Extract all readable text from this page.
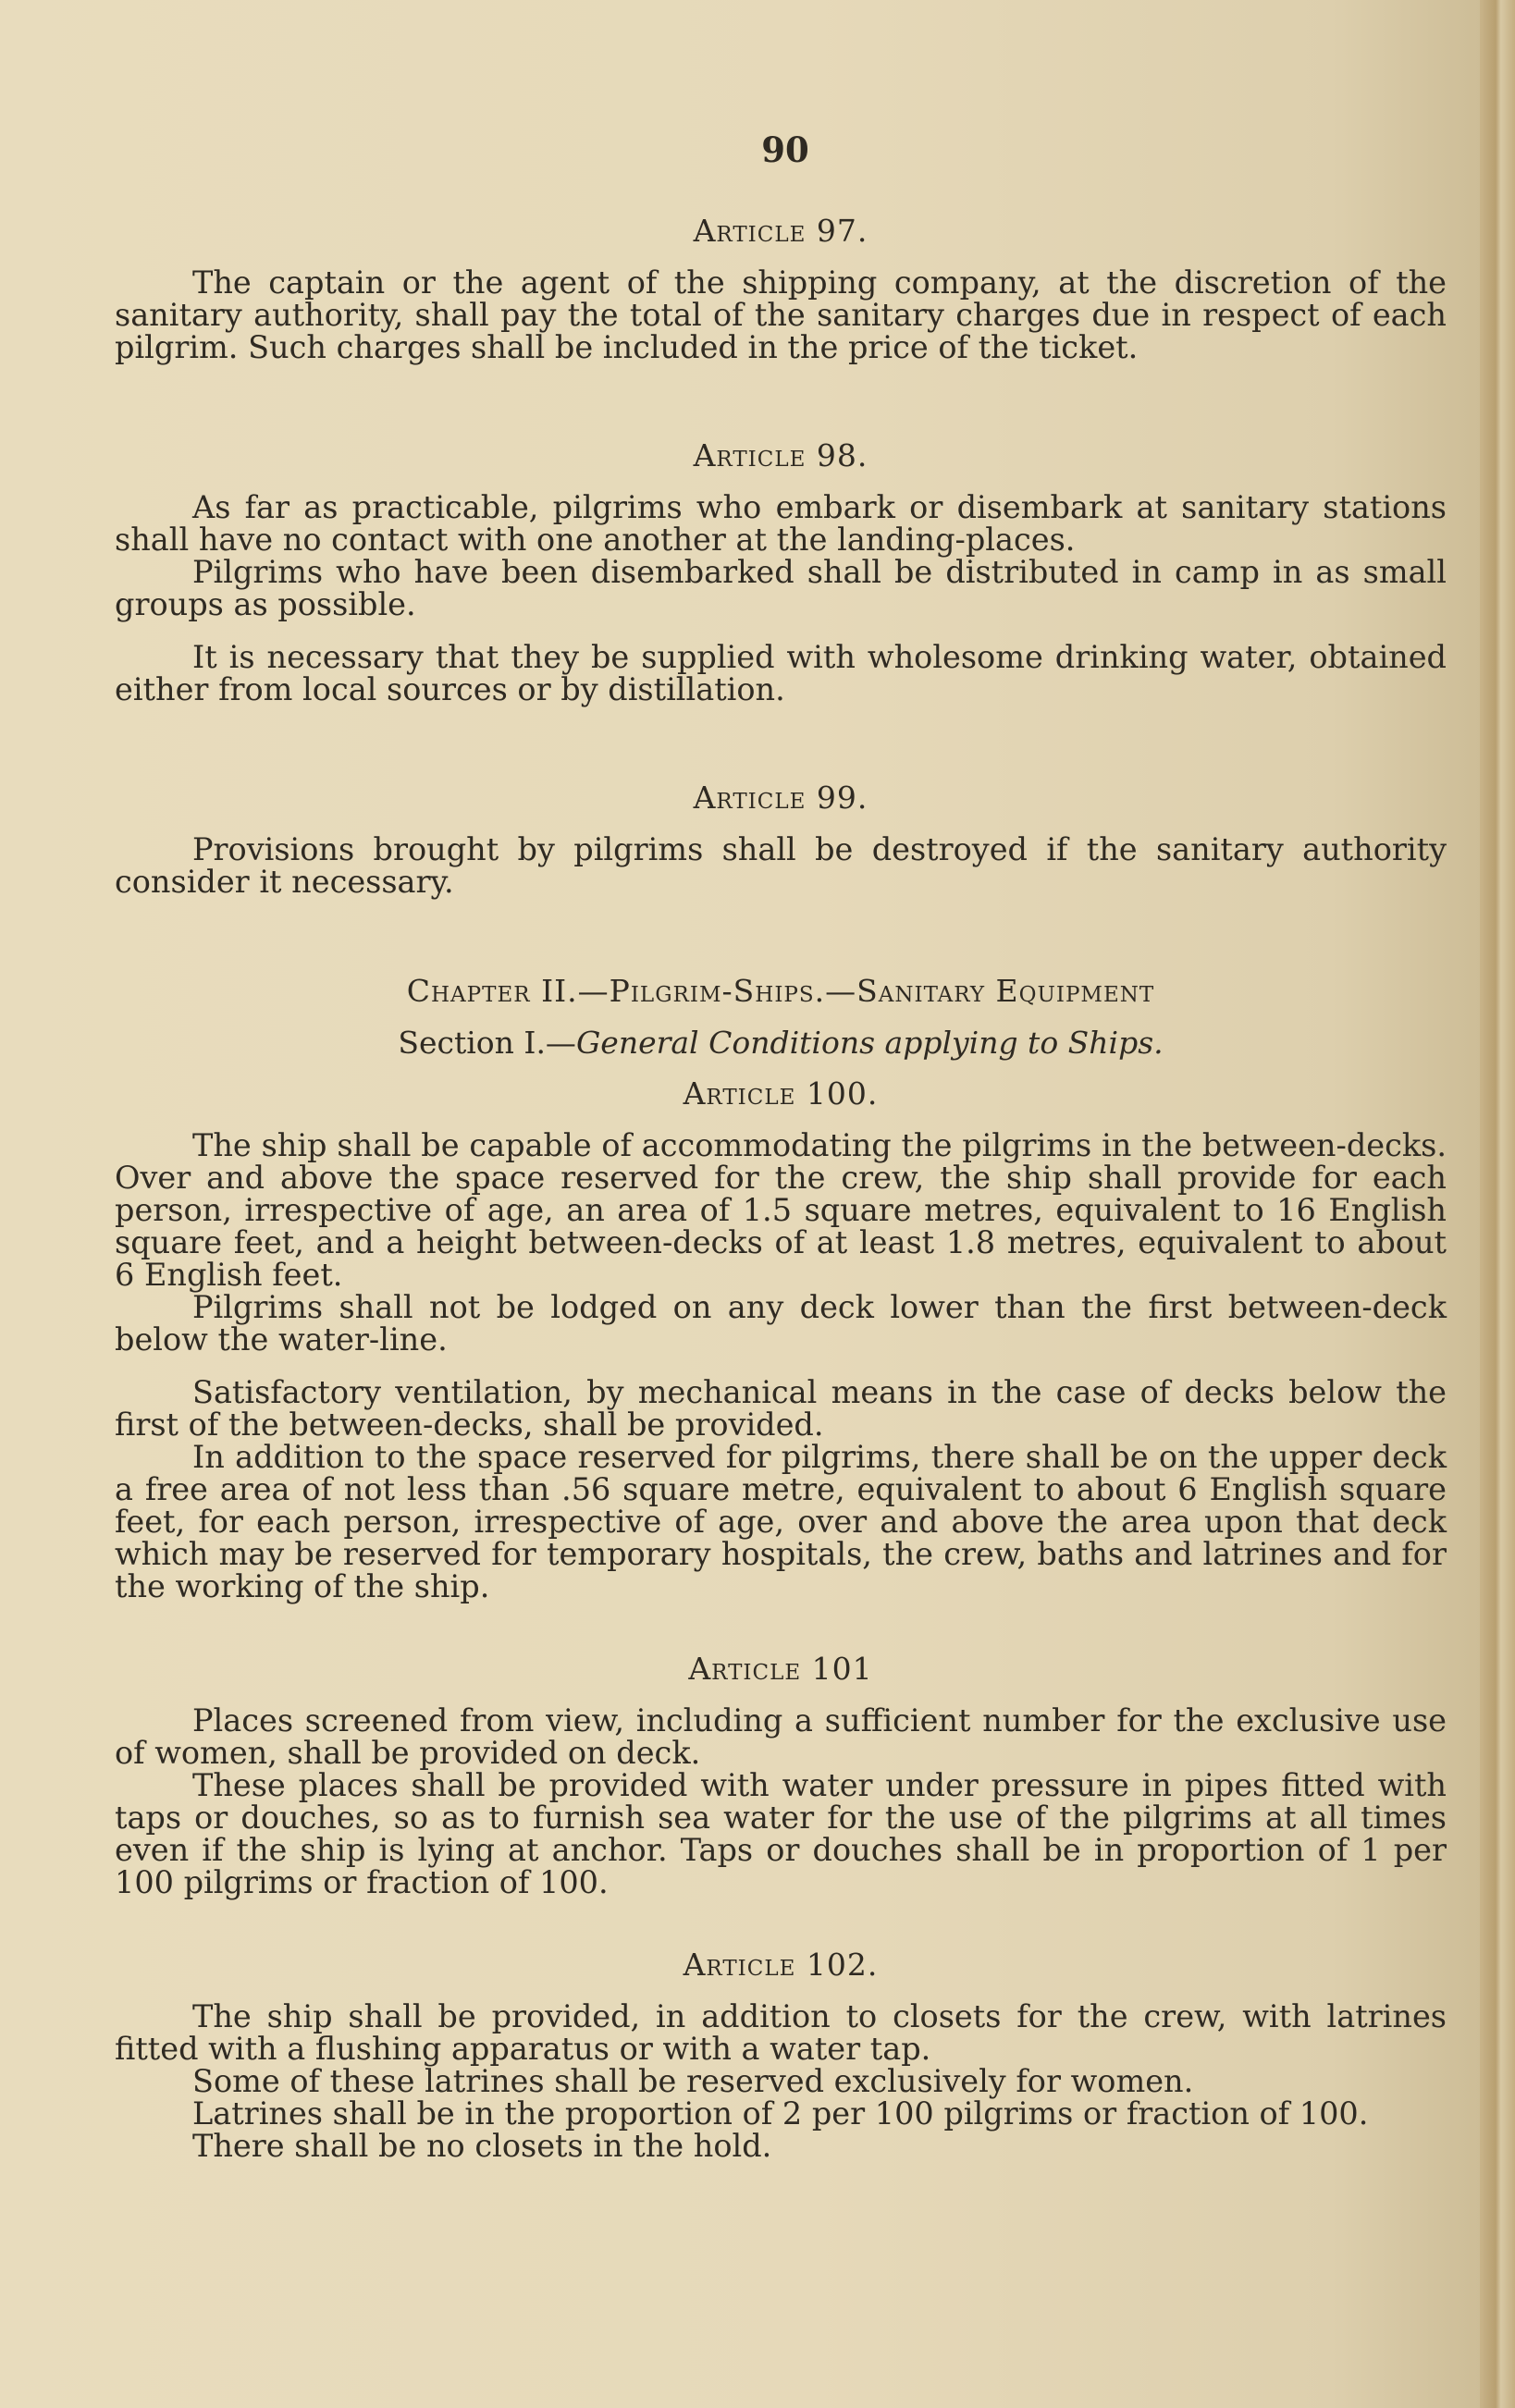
90
Article 97.

The captain or the agent of the shipping company, at the discretion of the sanitary authority, shall pay the total of the sanitary charges due in respect of each pilgrim. Such charges shall be included in the price of the ticket.

Article 98.

As far as practicable, pilgrims who embark or disembark at sanitary stations shall have no contact with one another at the landing-places.

Pilgrims who have been disembarked shall be distributed in camp in as small groups as possible.

It is necessary that they be supplied with wholesome drinking water, obtained either from local sources or by distillation.

Article 99.

Provisions brought by pilgrims shall be destroyed if the sanitary authority consider it necessary.

Chapter II.—Pilgrim-Ships.—Sanitary Equipment
Section I.—General Conditions applying to Ships.
Article 100.

The ship shall be capable of accommodating the pilgrims in the between-decks. Over and above the space reserved for the crew, the ship shall provide for each person, irrespective of age, an area of 1.5 square metres, equivalent to 16 English square feet, and a height between-decks of at least 1.8 metres, equivalent to about 6 English feet.

Pilgrims shall not be lodged on any deck lower than the first between-deck below the water-line.

Satisfactory ventilation, by mechanical means in the case of decks below the first of the between-decks, shall be provided.

In addition to the space reserved for pilgrims, there shall be on the upper deck a free area of not less than .56 square metre, equivalent to about 6 English square feet, for each person, irrespective of age, over and above the area upon that deck which may be reserved for temporary hospitals, the crew, baths and latrines and for the working of the ship.

Article 101

Places screened from view, including a sufficient number for the exclusive use of women, shall be provided on deck.

These places shall be provided with water under pressure in pipes fitted with taps or douches, so as to furnish sea water for the use of the pilgrims at all times even if the ship is lying at anchor. Taps or douches shall be in proportion of 1 per 100 pilgrims or fraction of 100.

Article 102.

The ship shall be provided, in addition to closets for the crew, with latrines fitted with a flushing apparatus or with a water tap.

Some of these latrines shall be reserved exclusively for women.

Latrines shall be in the proportion of 2 per 100 pilgrims or fraction of 100.

There shall be no closets in the hold.
